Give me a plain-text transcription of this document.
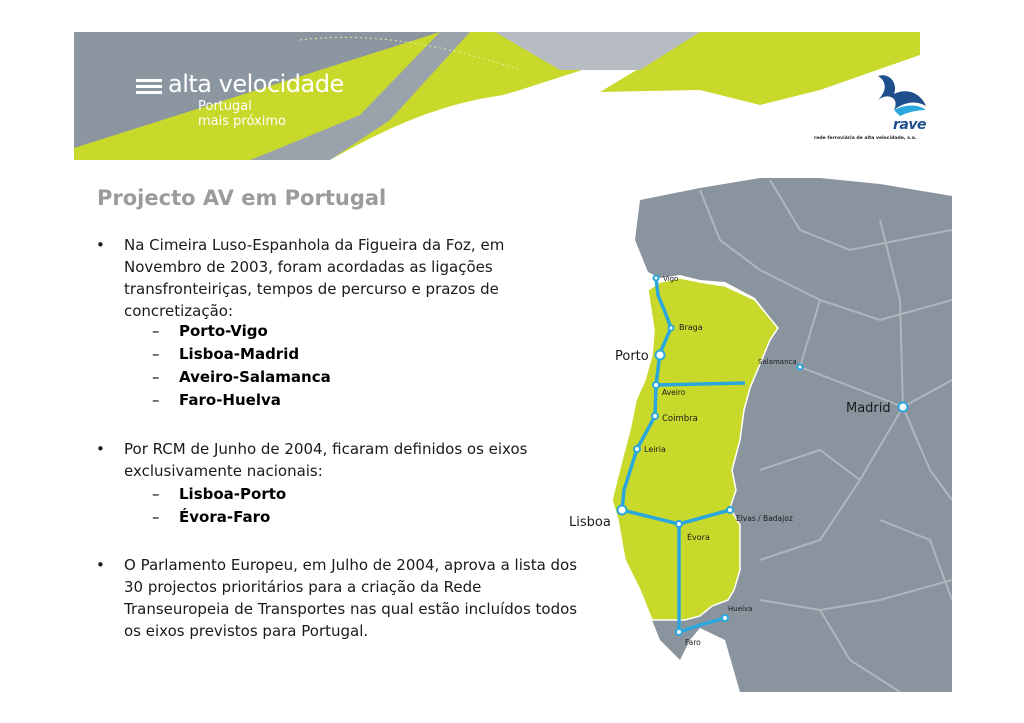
alta velocidade
Portugal
mais próximo	rave
rede ferroviária de alta velocidade, s.a.
Projecto AV em Portugal
• Na Cimeira Luso-Espanhola da Figueira da Foz, em Novembro de 2003, foram acordadas as ligações transfronteiriças, tempos de percurso e prazos de concretização:
– Porto-Vigo
– Lisboa-Madrid
– Aveiro-Salamanca
– Faro-Huelva
• Por RCM de Junho de 2004, ficaram definidos os eixos exclusivamente nacionais:
– Lisboa-Porto
– Évora-Faro
• O Parlamento Europeu, em Julho de 2004, aprova a lista dos 30 projectos prioritários para a criação da Rede Transeuropeia de Transportes nas qual estão incluídos todos os eixos previstos para Portugal.
Vigo
Braga
Porto	Salamanca
Aveiro
Coimbra
Madrid
Leiria
Lisboa
Évora
Elvas / Badajoz
Huelva
Faro
